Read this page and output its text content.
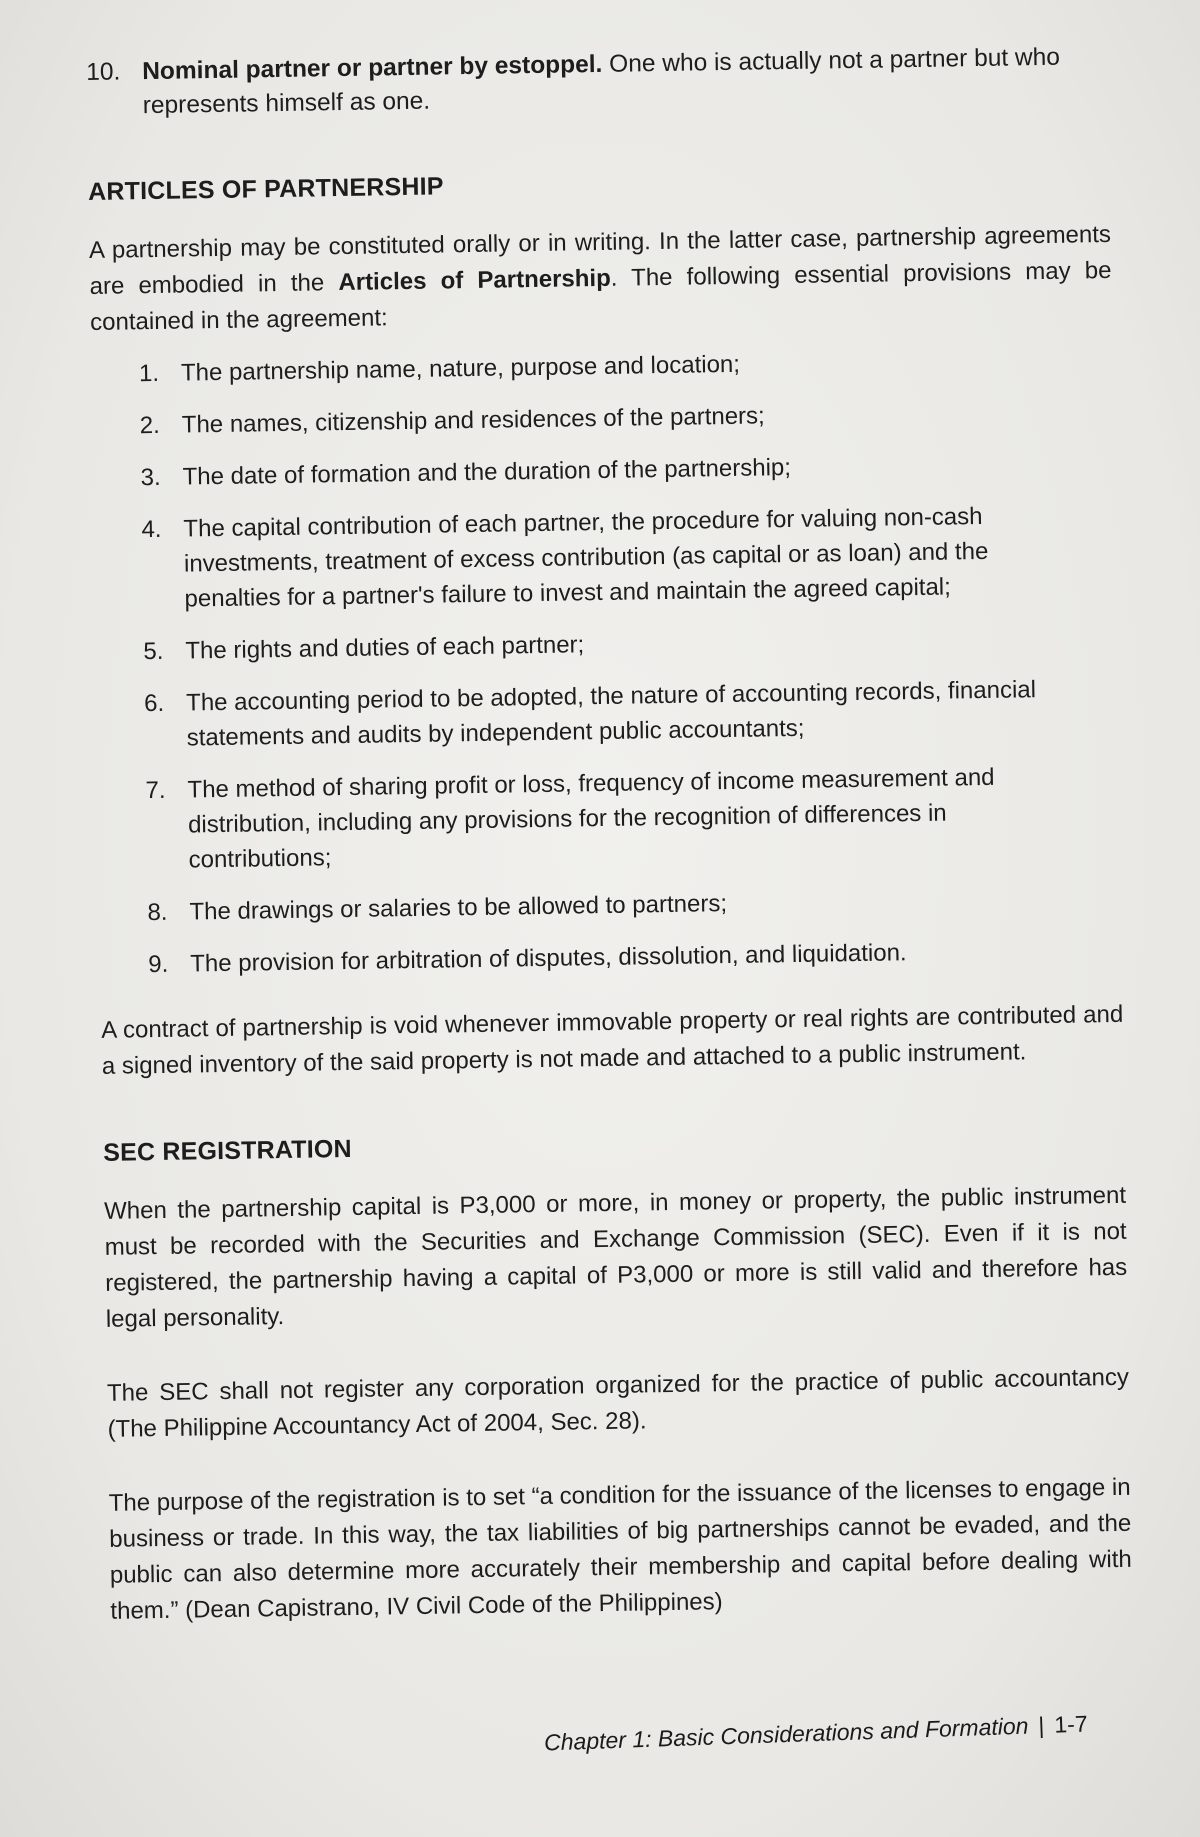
10. Nominal partner or partner by estoppel. One who is actually not a partner but who represents himself as one.
ARTICLES OF PARTNERSHIP

A partnership may be constituted orally or in writing. In the latter case, partnership agreements are embodied in the Articles of Partnership. The following essential provisions may be contained in the agreement:

1. The partnership name, nature, purpose and location;
2. The names, citizenship and residences of the partners;
3. The date of formation and the duration of the partnership;
4. The capital contribution of each partner, the procedure for valuing non-cash investments, treatment of excess contribution (as capital or as loan) and the penalties for a partner's failure to invest and maintain the agreed capital;
5. The rights and duties of each partner;
6. The accounting period to be adopted, the nature of accounting records, financial statements and audits by independent public accountants;
7. The method of sharing profit or loss, frequency of income measurement and distribution, including any provisions for the recognition of differences in contributions;
8. The drawings or salaries to be allowed to partners;
9. The provision for arbitration of disputes, dissolution, and liquidation.

A contract of partnership is void whenever immovable property or real rights are contributed and a signed inventory of the said property is not made and attached to a public instrument.

SEC REGISTRATION

When the partnership capital is P3,000 or more, in money or property, the public instrument must be recorded with the Securities and Exchange Commission (SEC). Even if it is not registered, the partnership having a capital of P3,000 or more is still valid and therefore has legal personality.

The SEC shall not register any corporation organized for the practice of public accountancy (The Philippine Accountancy Act of 2004, Sec. 28).

The purpose of the registration is to set “a condition for the issuance of the licenses to engage in business or trade. In this way, the tax liabilities of big partnerships cannot be evaded, and the public can also determine more accurately their membership and capital before dealing with them.” (Dean Capistrano, IV Civil Code of the Philippines)

Chapter 1: Basic Considerations and Formation | 1-7
